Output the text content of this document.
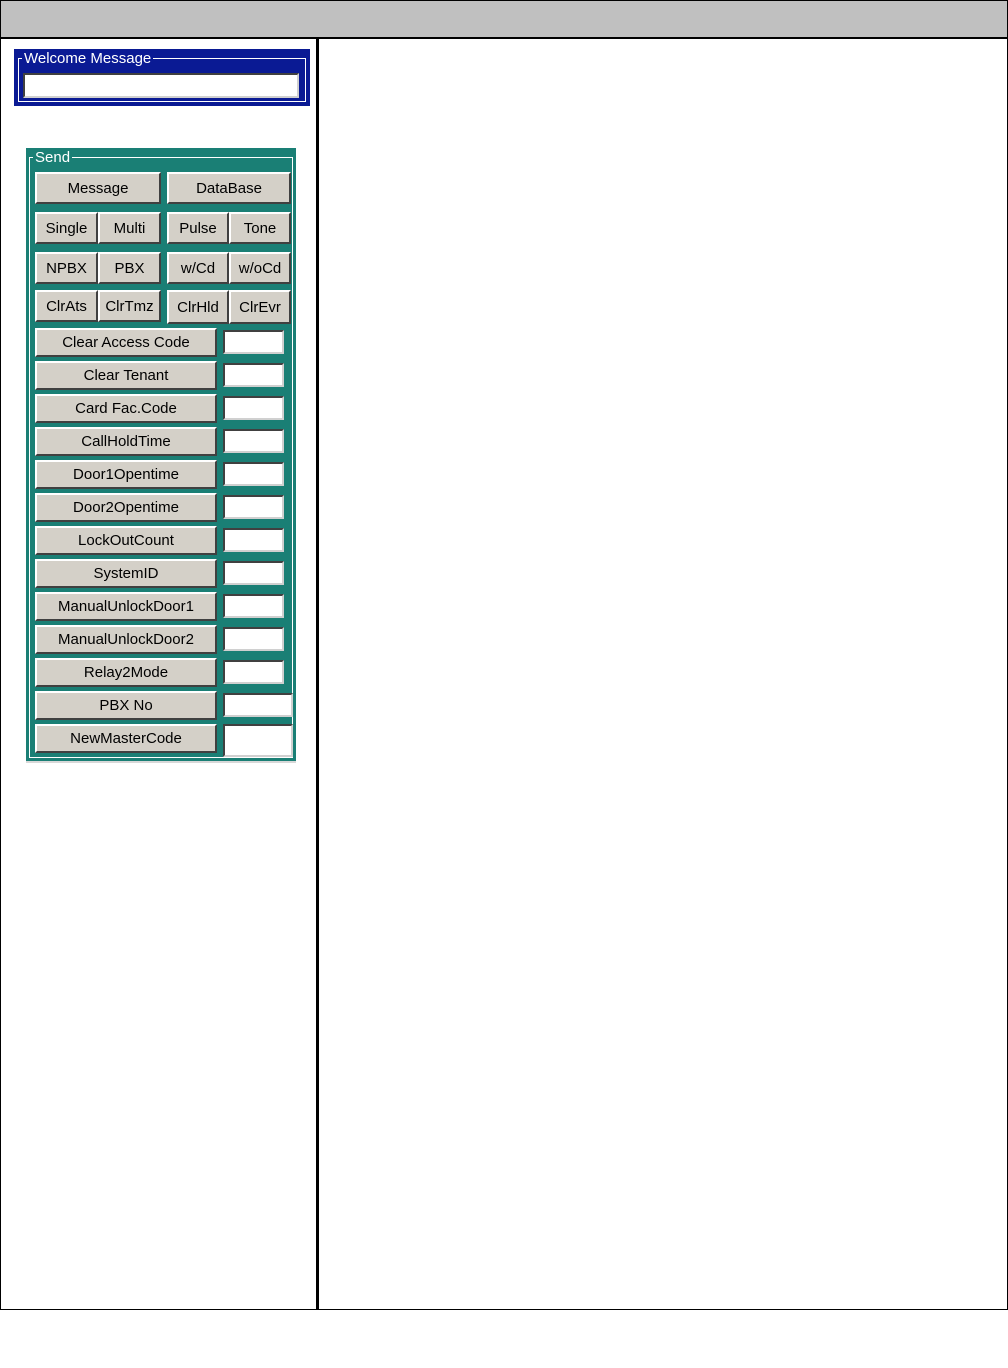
Welcome Message
Send
Message	DataBase
Single	Multi	Pulse	Tone
NPBX	PBX	w/Cd	w/oCd
ClrAts	ClrTmz	ClrHld	ClrEvr
Clear Access Code
Clear Tenant
Card Fac.Code
CallHoldTime
Door1Opentime
Door2Opentime
LockOutCount
SystemID
ManualUnlockDoor1
ManualUnlockDoor2
Relay2Mode
PBX No
NewMasterCode
